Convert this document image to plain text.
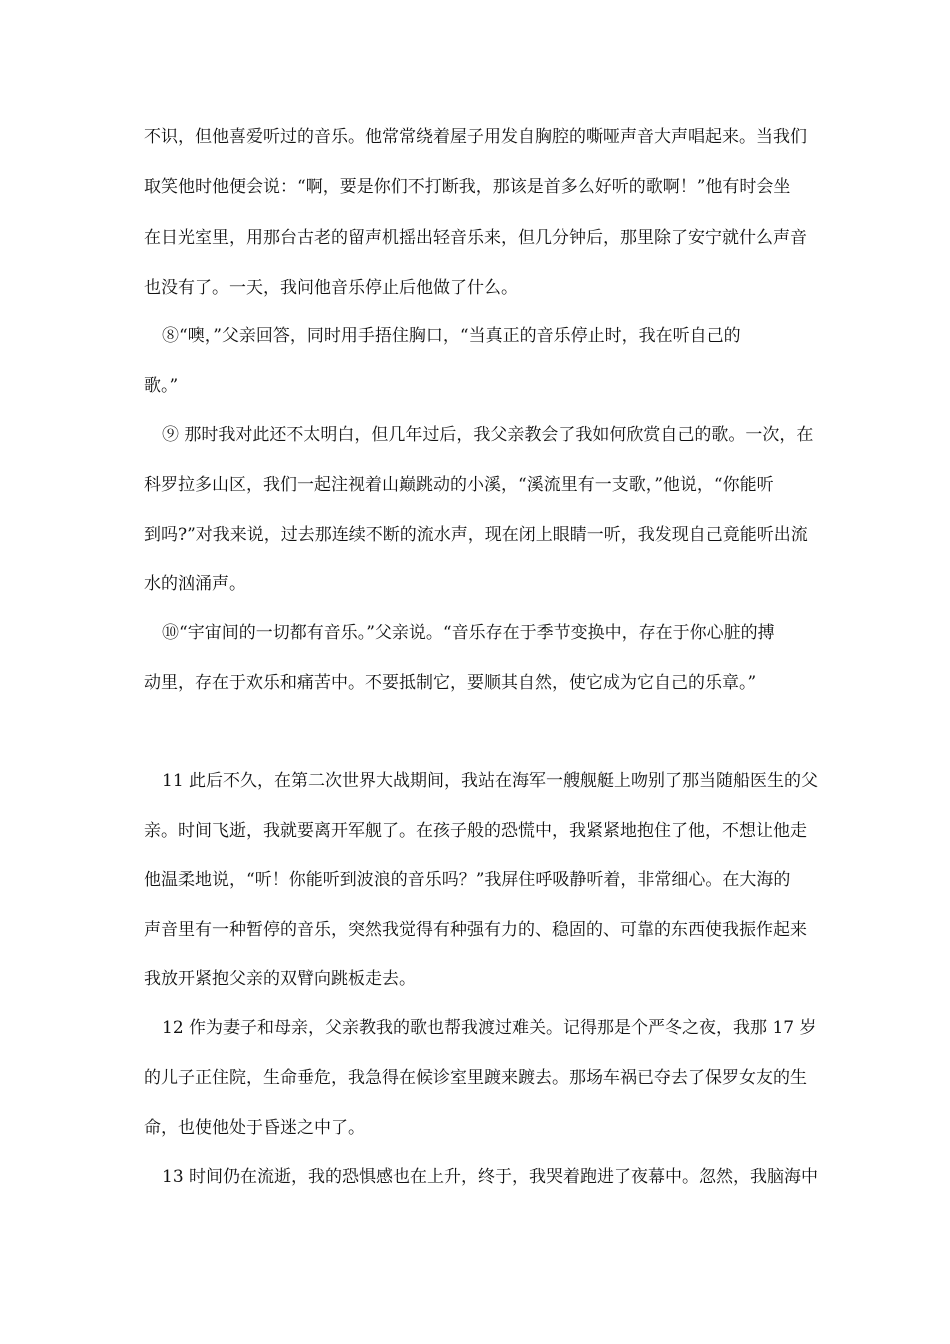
不识，但他喜爱听过的音乐。他常常绕着屋子用发自胸腔的嘶哑声音大声唱起来。当我们
取笑他时他便会说：“啊，要是你们不打断我，那该是首多么好听的歌啊！”他有时会坐
在日光室里，用那台古老的留声机摇出轻音乐来，但几分钟后，那里除了安宁就什么声音
也没有了。一天，我问他音乐停止后他做了什么。
⑧“噢，”父亲回答，同时用手捂住胸口，“当真正的音乐停止时，我在听自己的
歌。”
⑨ 那时我对此还不太明白，但几年过后，我父亲教会了我如何欣赏自己的歌。一次，在
科罗拉多山区，我们一起注视着山巅跳动的小溪，“溪流里有一支歌，”他说，“你能听
到吗?”对我来说，过去那连续不断的流水声，现在闭上眼睛一听，我发现自己竟能听出流
水的汹涌声。
⑩“宇宙间的一切都有音乐。”父亲说。“音乐存在于季节变换中，存在于你心脏的搏
动里，存在于欢乐和痛苦中。不要抵制它，要顺其自然，使它成为它自己的乐章。”
11 此后不久，在第二次世界大战期间，我站在海军一艘舰艇上吻别了那当随船医生的父
亲。时间飞逝，我就要离开军舰了。在孩子般的恐慌中，我紧紧地抱住了他，不想让他走
他温柔地说，“听！你能听到波浪的音乐吗？”我屏住呼吸静听着，非常细心。在大海的
声音里有一种暂停的音乐，突然我觉得有种强有力的、稳固的、可靠的东西使我振作起来
我放开紧抱父亲的双臂向跳板走去。
12 作为妻子和母亲，父亲教我的歌也帮我渡过难关。记得那是个严冬之夜，我那 17 岁
的儿子正住院，生命垂危，我急得在候诊室里踱来踱去。那场车祸已夺去了保罗女友的生
命，也使他处于昏迷之中了。
13 时间仍在流逝，我的恐惧感也在上升，终于，我哭着跑进了夜幕中。忽然，我脑海中
